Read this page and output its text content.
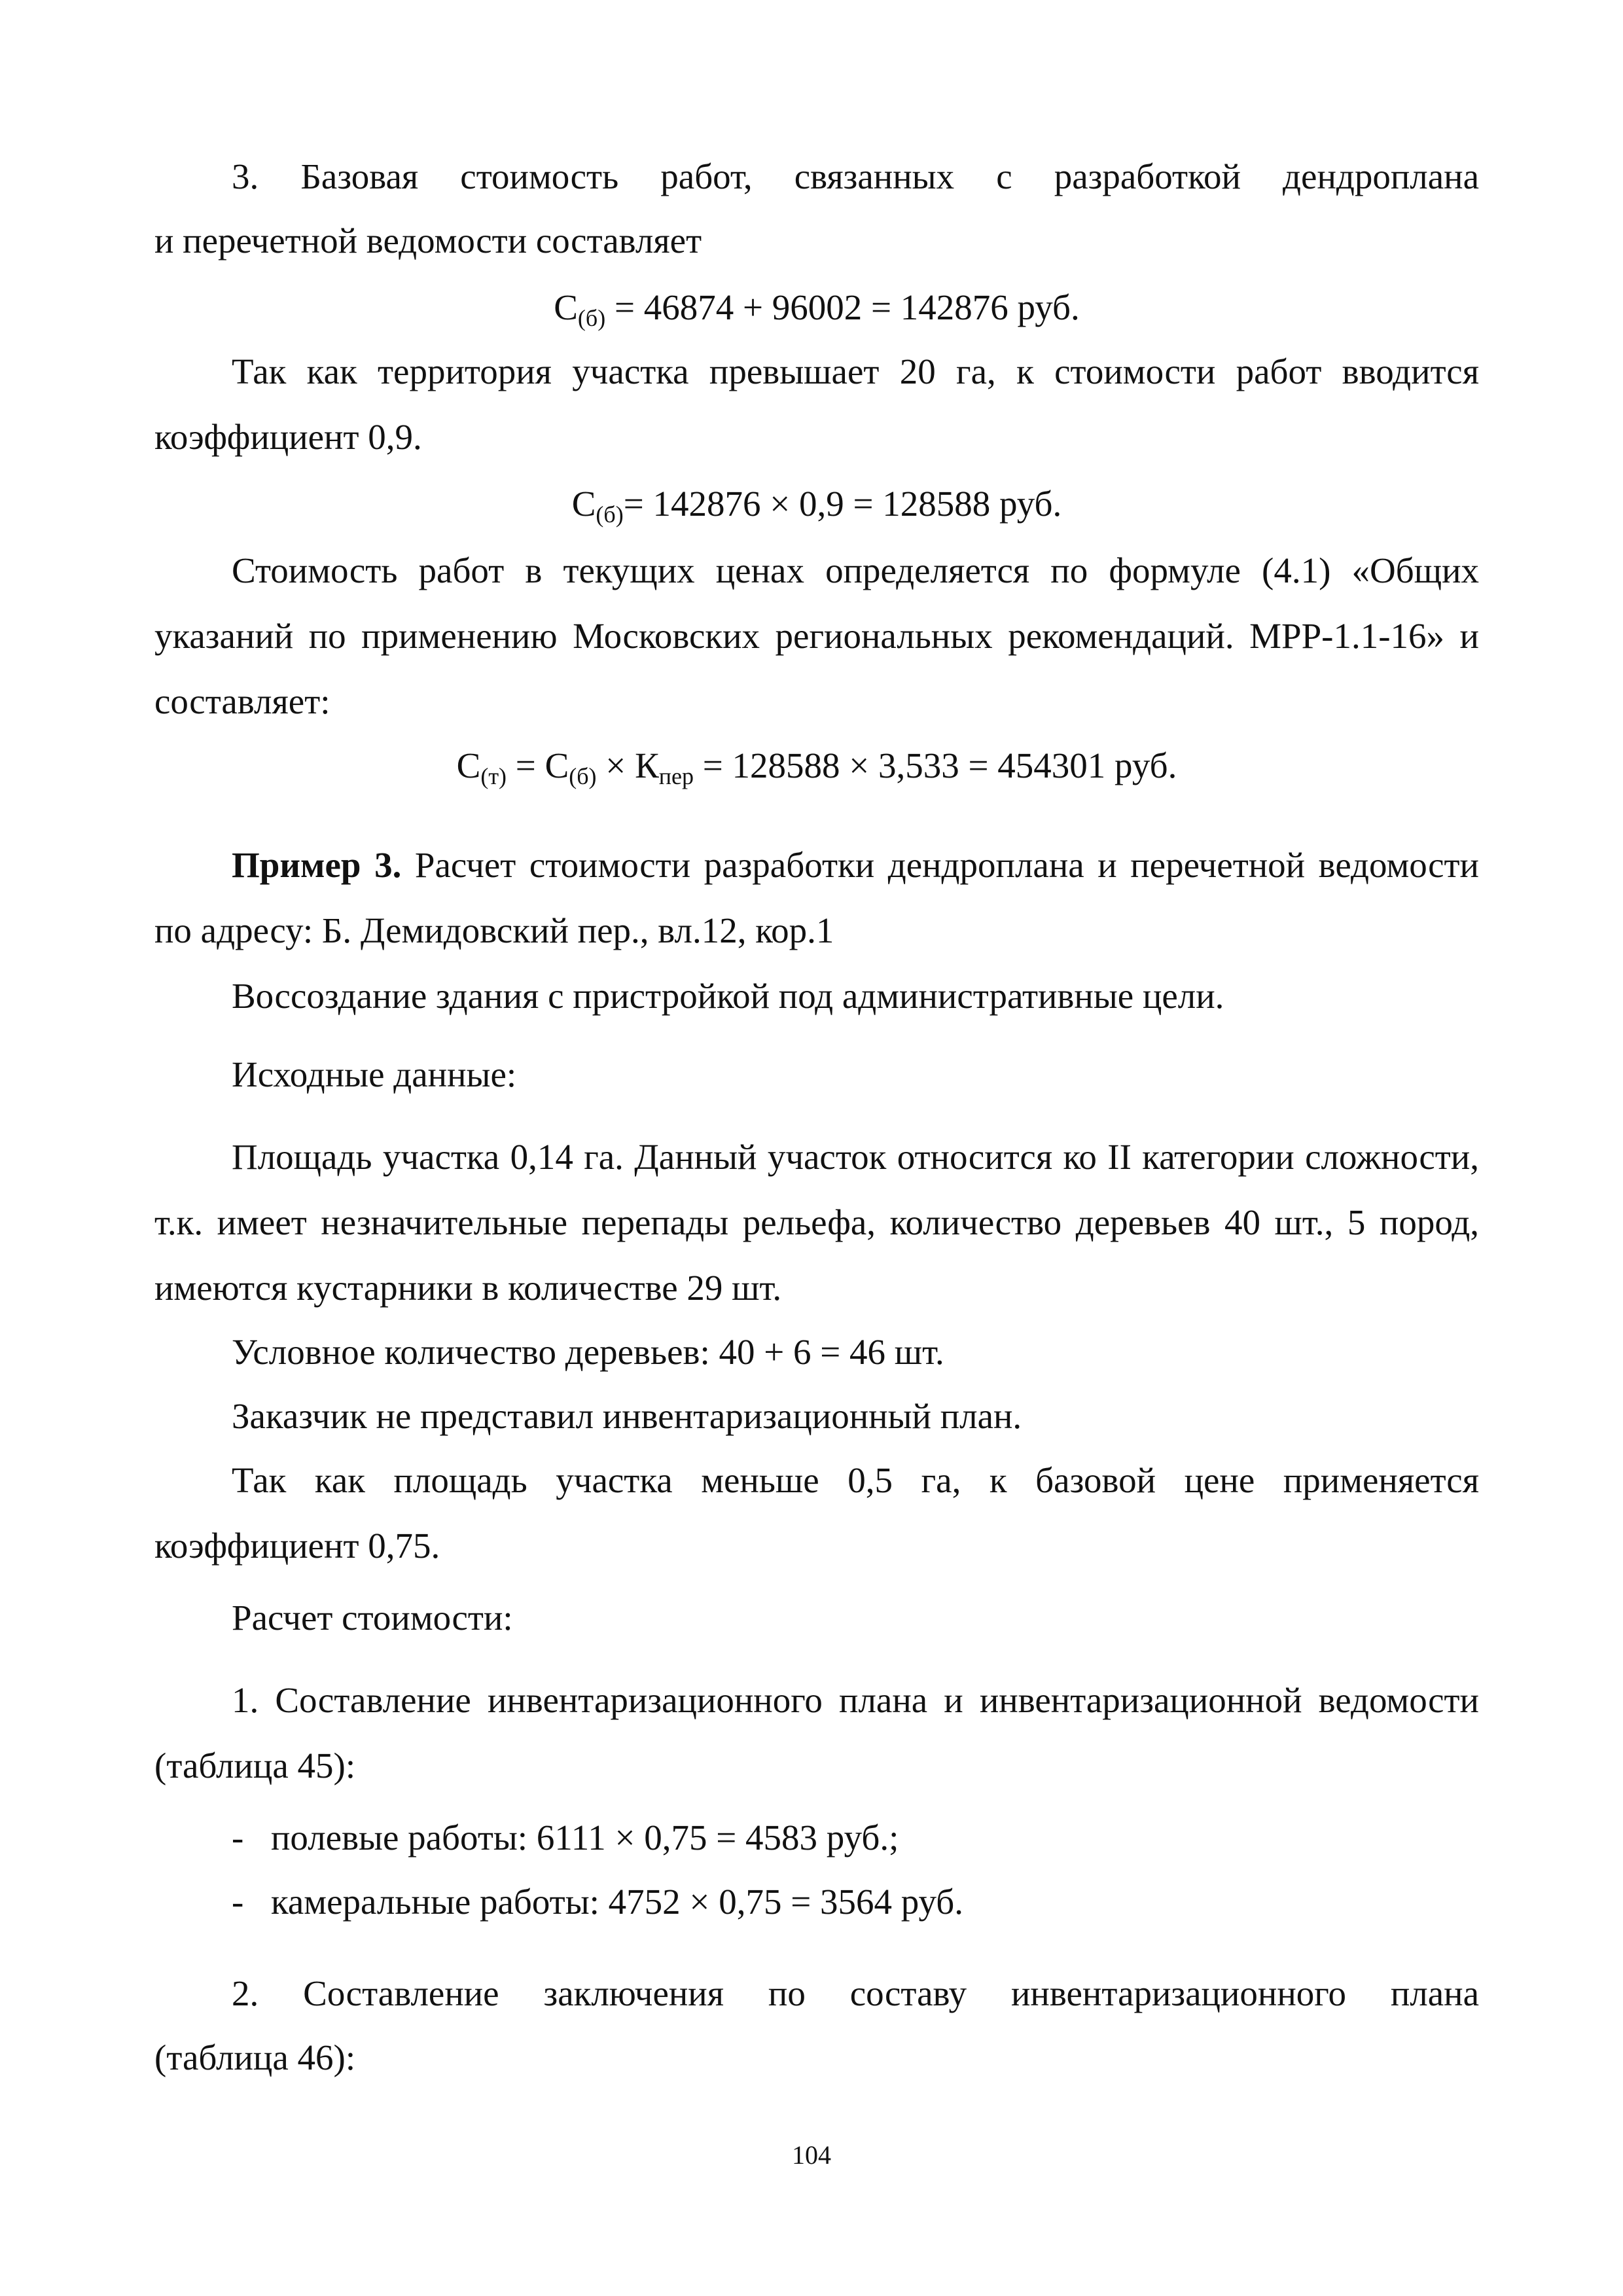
3. Базовая стоимость работ, связанных с разработкой дендроплана

и перечетной ведомости составляет

$С_{(б)} = 46874 + 96002 = 142876$ руб.

Так как территория участка превышает 20 га, к стоимости работ вводится коэффициент 0,9.

$С_{(б)}= 142876 \times 0,9 = 128588$ руб.

Стоимость работ в текущих ценах определяется по формуле (4.1) «Общих указаний по применению Московских региональных рекомендаций. МРР-1.1-16» и составляет:

$С_{(т)} = С_{(б)} \times К_{пер} = 128588 \times 3,533 = 454301$ руб.

Пример 3. Расчет стоимости разработки дендроплана и перечетной ведомости по адресу: Б. Демидовский пер., вл.12, кор.1

Воссоздание здания с пристройкой под административные цели.

Исходные данные:

Площадь участка 0,14 га. Данный участок относится ко II категории сложности, т.к. имеет незначительные перепады рельефа, количество деревьев 40 шт., 5 пород, имеются кустарники в количестве 29 шт.

Условное количество деревьев: 40 + 6 = 46 шт.

Заказчик не представил инвентаризационный план.

Так как площадь участка меньше 0,5 га, к базовой цене применяется коэффициент 0,75.

Расчет стоимости:

1. Составление инвентаризационного плана и инвентаризационной ведомости (таблица 45):

- полевые работы: 6111 × 0,75 = 4583 руб.;

- камеральные работы: 4752 × 0,75 = 3564 руб.

2. Составление заключения по составу инвентаризационного плана

(таблица 46):

104
